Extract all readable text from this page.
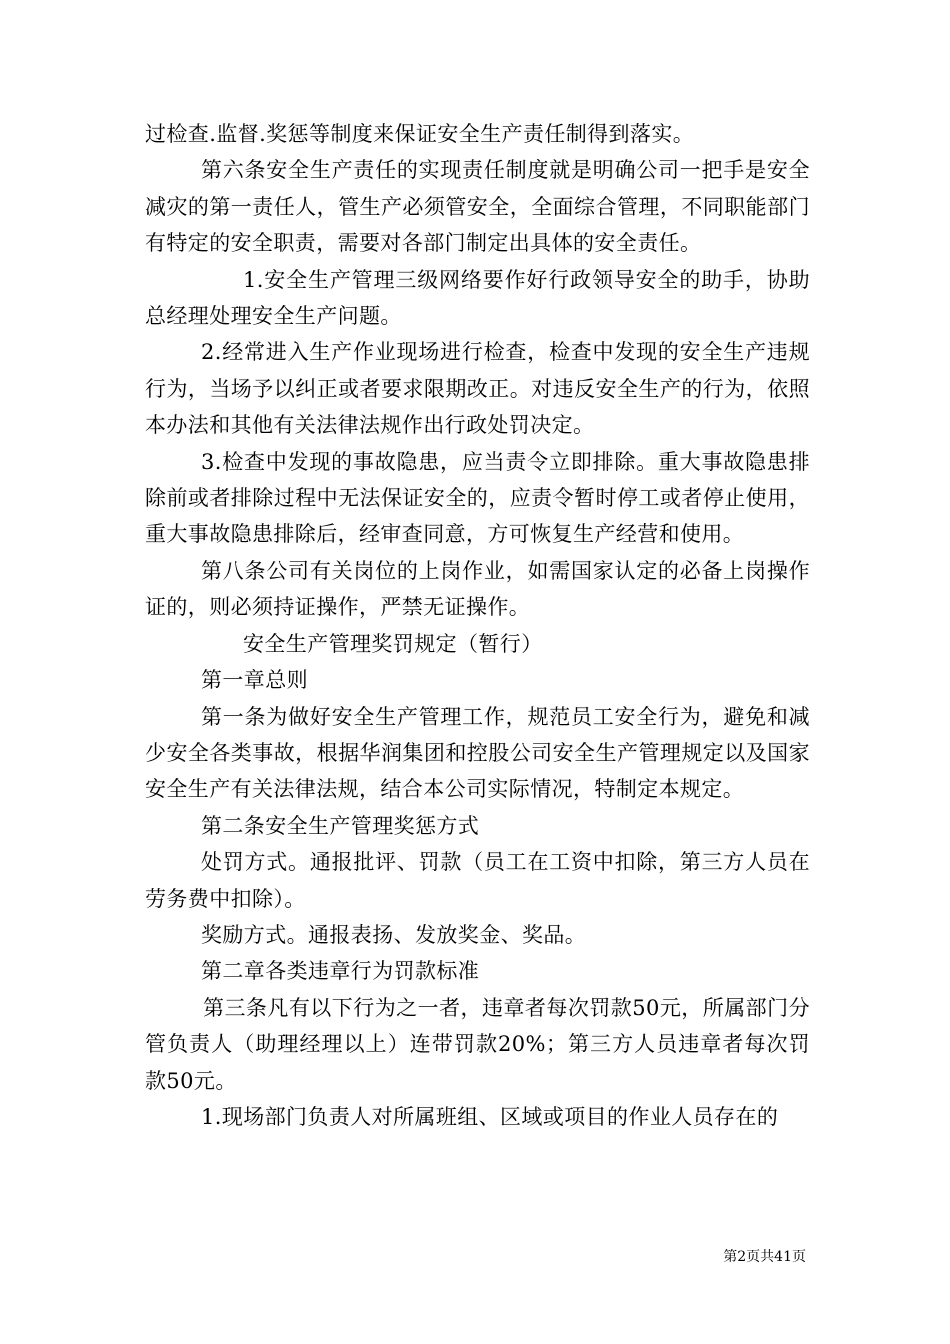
过检查.监督.奖惩等制度来保证安全生产责任制得到落实。

第六条安全生产责任的实现责任制度就是明确公司一把手是安全减灾的第一责任人，管生产必须管安全，全面综合管理，不同职能部门有特定的安全职责，需要对各部门制定出具体的安全责任。

1.安全生产管理三级网络要作好行政领导安全的助手，协助总经理处理安全生产问题。

2.经常进入生产作业现场进行检查，检查中发现的安全生产违规行为，当场予以纠正或者要求限期改正。对违反安全生产的行为，依照本办法和其他有关法律法规作出行政处罚决定。

3.检查中发现的事故隐患，应当责令立即排除。重大事故隐患排除前或者排除过程中无法保证安全的，应责令暂时停工或者停止使用，重大事故隐患排除后，经审查同意，方可恢复生产经营和使用。

第八条公司有关岗位的上岗作业，如需国家认定的必备上岗操作证的，则必须持证操作，严禁无证操作。

安全生产管理奖罚规定（暂行）

第一章总则

第一条为做好安全生产管理工作，规范员工安全行为，避免和减少安全各类事故，根据华润集团和控股公司安全生产管理规定以及国家安全生产有关法律法规，结合本公司实际情况，特制定本规定。

第二条安全生产管理奖惩方式

处罚方式。通报批评、罚款（员工在工资中扣除，第三方人员在劳务费中扣除）。

奖励方式。通报表扬、发放奖金、奖品。

第二章各类违章行为罚款标准

第三条凡有以下行为之一者，违章者每次罚款50元，所属部门分管负责人（助理经理以上）连带罚款20%；第三方人员违章者每次罚款50元。

1.现场部门负责人对所属班组、区域或项目的作业人员存在的

第2页共41页
